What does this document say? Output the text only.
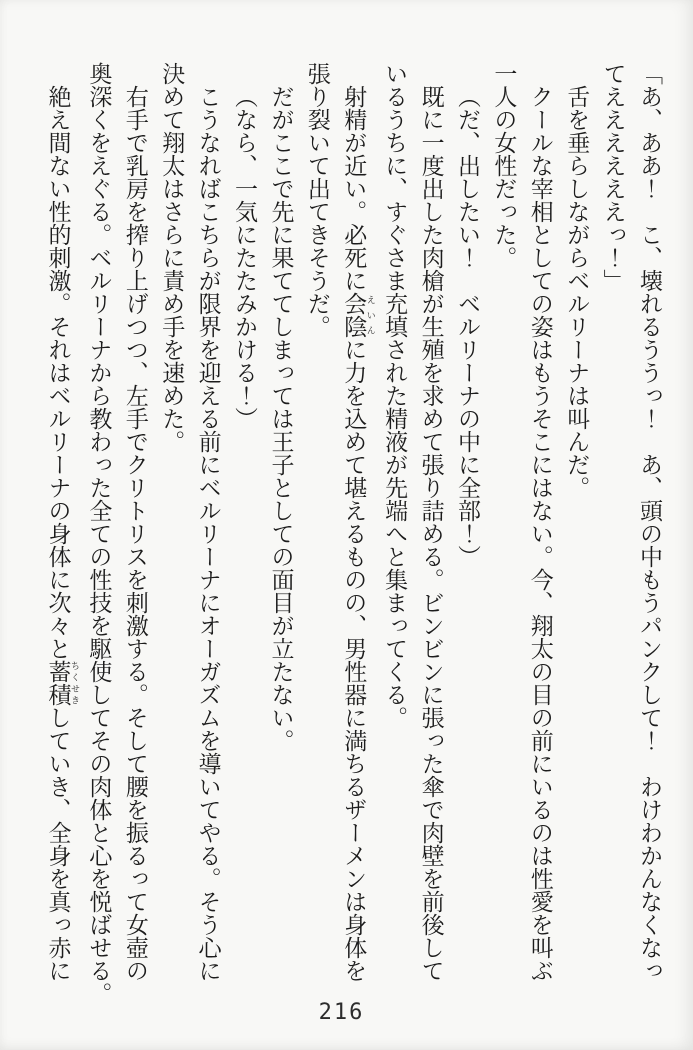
「あ、ああ！　こ、壊れるううっ！　あ、頭の中もうパンクして！　わけわかんなくなっ
てええええええっ！」

舌を垂らしながらベルリーナは叫んだ。

クールな宰相としての姿はもうそこにはない。今、翔太の目の前にいるのは性愛を叫ぶ
一人の女性だった。

（だ、出したい！　ベルリーナの中に全部！）

既に一度出した肉槍が生殖を求めて張り詰める。ビンビンに張った傘で肉壁を前後して
いるうちに、すぐさま充填された精液が先端へと集まってくる。

射精が近い。必死に会陰 えいんに力を込めて堪えるものの、男性器に満ちるザーメンは身体を
張り裂いて出てきそうだ。

だがここで先に果ててしまっては王子としての面目が立たない。

（なら、一気にたたみかける！）

こうなればこちらが限界を迎える前にベルリーナにオーガズムを導いてやる。そう心に
決めて翔太はさらに責め手を速めた。

右手で乳房を搾り上げつつ、左手でクリトリスを刺激する。そして腰を振るって女壺の
奥深くをえぐる。ベルリーナから教わった全ての性技を駆使してその肉体と心を悦ばせる。

絶え間ない性的刺激。それはベルリーナの身体に次々と蓄積 ちくせきしていき、全身を真っ赤に

216
